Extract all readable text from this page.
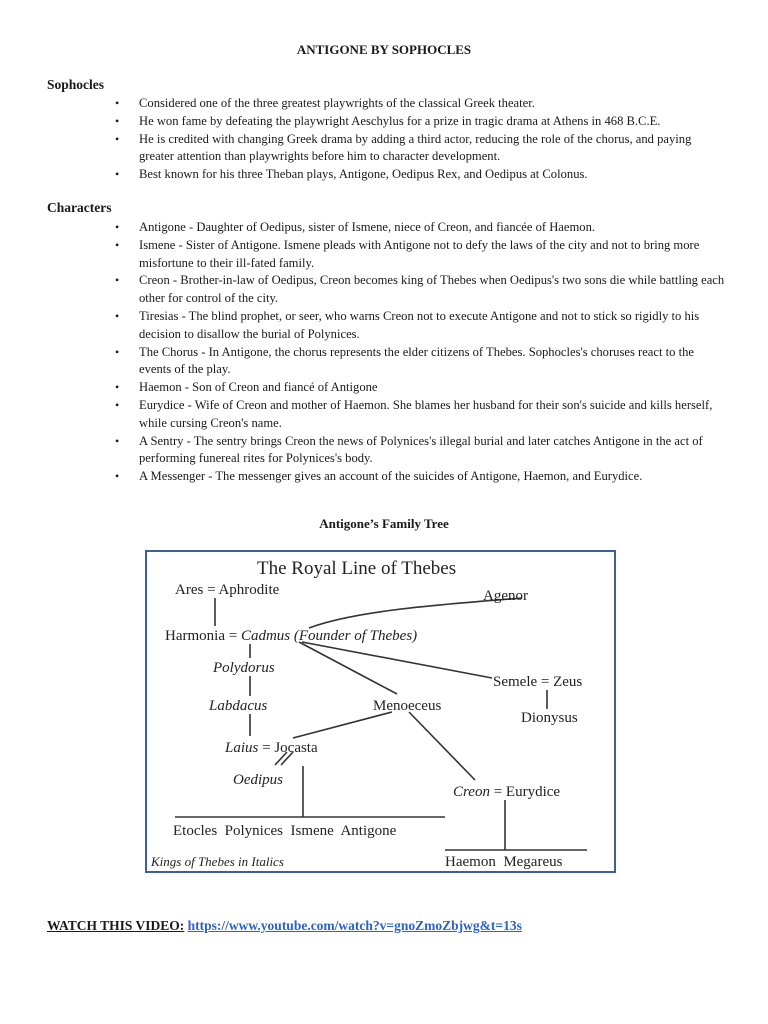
ANTIGONE BY SOPHOCLES
Sophocles
• Considered one of the three greatest playwrights of the classical Greek theater.
• He won fame by defeating the playwright Aeschylus for a prize in tragic drama at Athens in 468 B.C.E.
• He is credited with changing Greek drama by adding a third actor, reducing the role of the chorus, and paying greater attention than playwrights before him to character development.
• Best known for his three Theban plays, Antigone, Oedipus Rex, and Oedipus at Colonus.
Characters
• Antigone - Daughter of Oedipus, sister of Ismene, niece of Creon, and fiancée of Haemon.
• Ismene - Sister of Antigone. Ismene pleads with Antigone not to defy the laws of the city and not to bring more misfortune to their ill-fated family.
• Creon - Brother-in-law of Oedipus, Creon becomes king of Thebes when Oedipus's two sons die while battling each other for control of the city.
• Tiresias - The blind prophet, or seer, who warns Creon not to execute Antigone and not to stick so rigidly to his decision to disallow the burial of Polynices.
• The Chorus - In Antigone, the chorus represents the elder citizens of Thebes. Sophocles's choruses react to the events of the play.
• Haemon - Son of Creon and fiancé of Antigone
• Eurydice - Wife of Creon and mother of Haemon. She blames her husband for their son's suicide and kills herself, while cursing Creon's name.
• A Sentry - The sentry brings Creon the news of Polynices's illegal burial and later catches Antigone in the act of performing funereal rites for Polynices's body.
• A Messenger - The messenger gives an account of the suicides of Antigone, Haemon, and Eurydice.
Antigone’s Family Tree
The Royal Line of Thebes
Ares = Aphrodite	Agenor
Harmonia = Cadmus (Founder of Thebes)
Polydorus
Semele = Zeus
Labdacus	Menoeceus
Dionysus
Laius = Jocasta
Oedipus
Creon = Eurydice
Etocles  Polynices  Ismene  Antigone
Haemon  Megareus
Kings of Thebes in Italics
WATCH THIS VIDEO: https://www.youtube.com/watch?v=gnoZmoZbjwg&t=13s
